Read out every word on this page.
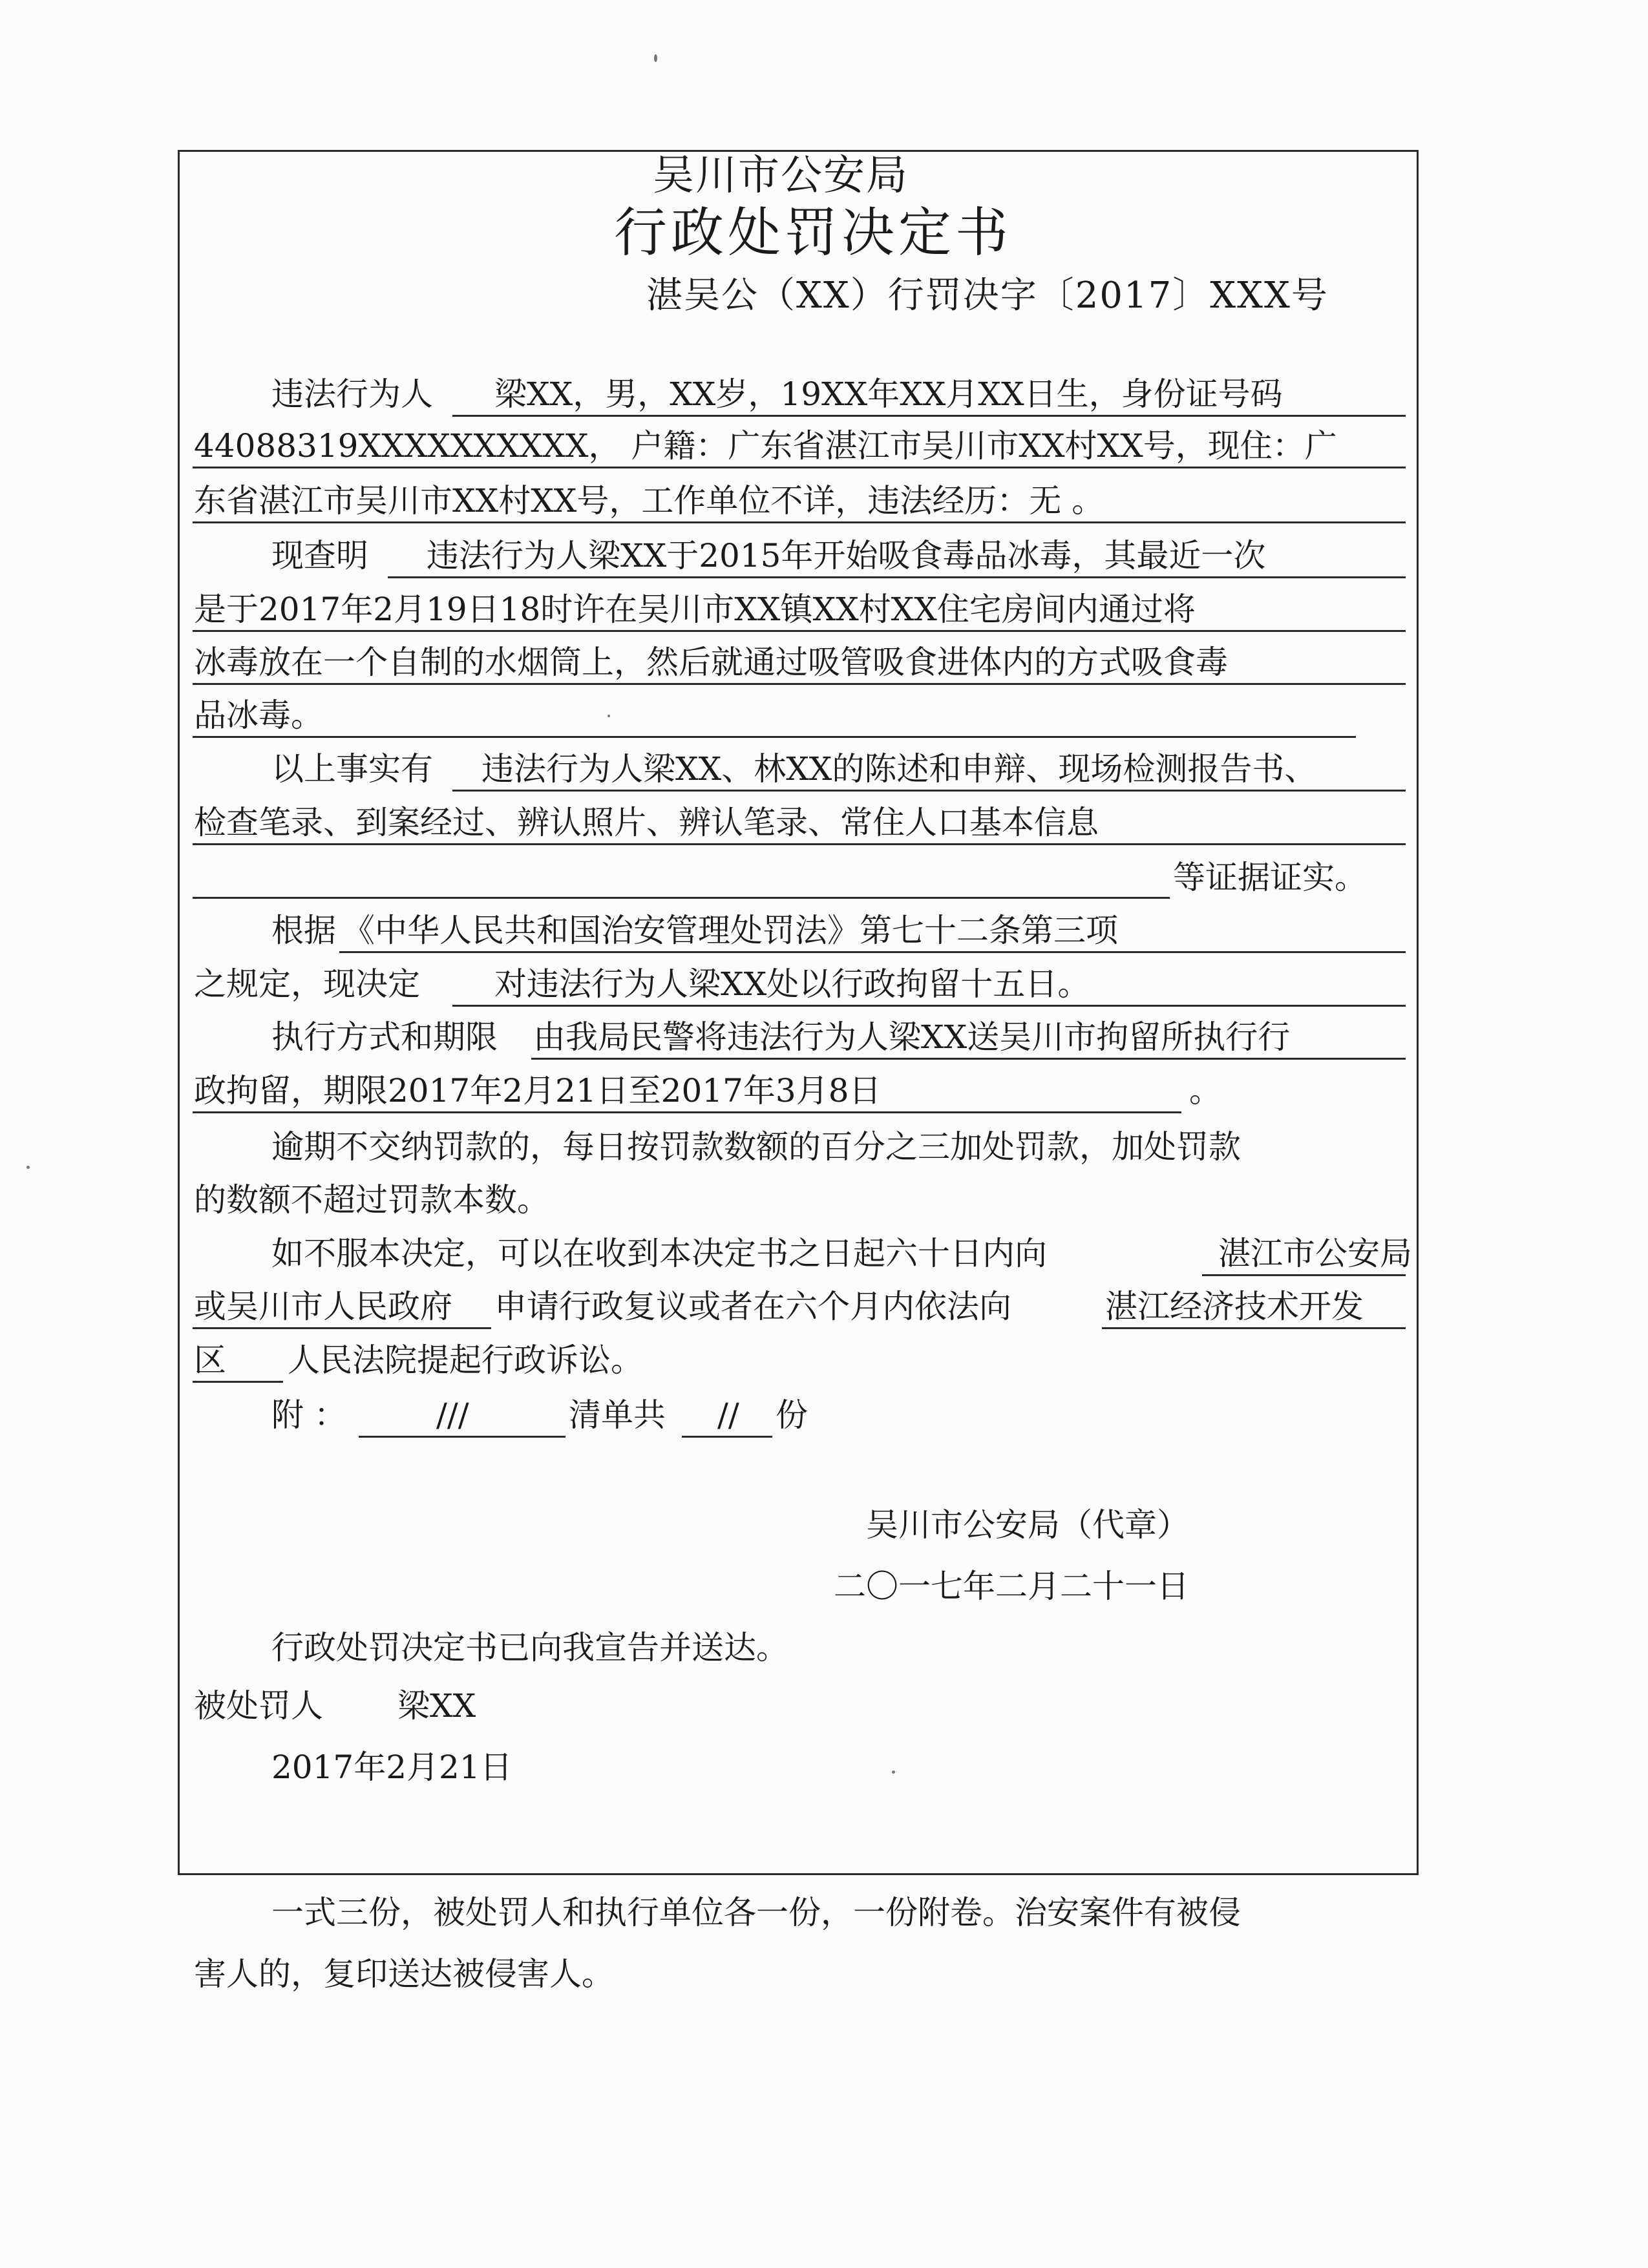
吴川市公安局
行政处罚决定书
湛吴公（XX）行罚决字〔2017〕XXX号
违法行为人 梁XX，男，XX岁，19XX年XX月XX日生，身份证号码
44088319XXXXXXXXXX， 户籍：广东省湛江市吴川市XX村XX号，现住：广
东省湛江市吴川市XX村XX号，工作单位不详，违法经历：无 。
现查明 违法行为人梁XX于2015年开始吸食毒品冰毒，其最近一次
是于2017年2月19日18时许在吴川市XX镇XX村XX住宅房间内通过将
冰毒放在一个自制的水烟筒上，然后就通过吸管吸食进体内的方式吸食毒
品冰毒。
以上事实有 违法行为人梁XX、林XX的陈述和申辩、现场检测报告书、
检查笔录、到案经过、辨认照片、辨认笔录、常住人口基本信息
等证据证实。
根据 《中华人民共和国治安管理处罚法》第七十二条第三项
之规定，现决定 对违法行为人梁XX处以行政拘留十五日。
执行方式和期限 由我局民警将违法行为人梁XX送吴川市拘留所执行行
政拘留，期限2017年2月21日至2017年3月8日	。
逾期不交纳罚款的，每日按罚款数额的百分之三加处罚款，加处罚款
的数额不超过罚款本数。
如不服本决定，可以在收到本决定书之日起六十日内向	湛江市公安局
或吴川市人民政府 申请行政复议或者在六个月内依法向	湛江经济技术开发
区 人民法院提起行政诉讼。
附 ：	///	清单共 // 份
吴川市公安局（代章）
二〇一七年二月二十一日
行政处罚决定书已向我宣告并送达。
被处罚人 梁XX
2017年2月21日
一式三份，被处罚人和执行单位各一份，一份附卷。治安案件有被侵
害人的，复印送达被侵害人。
